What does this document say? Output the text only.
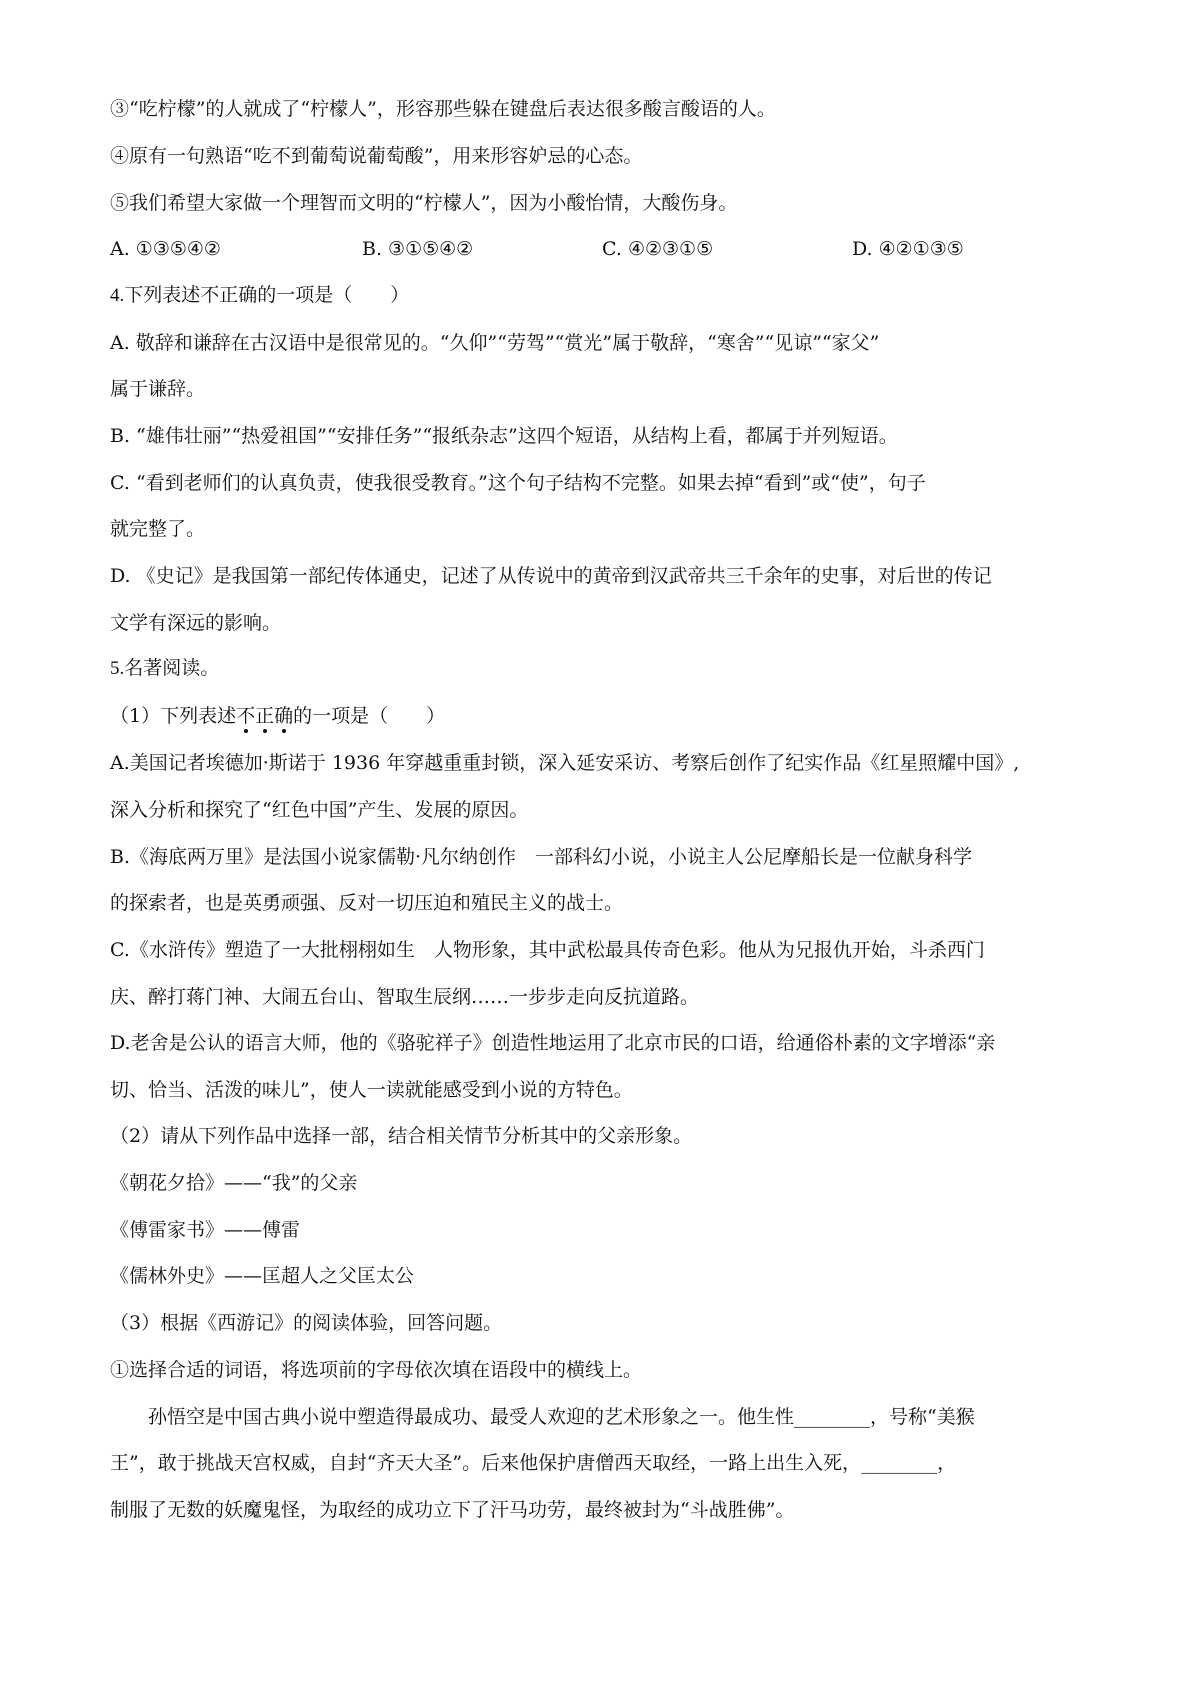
③“吃柠檬”的人就成了“柠檬人”，形容那些躲在键盘后表达很多酸言酸语的人。
④原有一句熟语“吃不到葡萄说葡萄酸”，用来形容妒忌的心态。
⑤我们希望大家做一个理智而文明的“柠檬人”，因为小酸怡情，大酸伤身。
A. ①③⑤④②	B. ③①⑤④②	C. ④②③①⑤	D. ④②①③⑤
4.下列表述不正确的一项是（　　）
A. 敬辞和谦辞在古汉语中是很常见的。“久仰”“劳驾”“赏光”属于敬辞，“寒舍”“见谅”“家父”
属于谦辞。
B. “雄伟壮丽”“热爱祖国”“安排任务”“报纸杂志”这四个短语，从结构上看，都属于并列短语。
C. “看到老师们的认真负责，使我很受教育。”这个句子结构不完整。如果去掉“看到”或“使”，句子
就完整了。
D. 《史记》是我国第一部纪传体通史，记述了从传说中的黄帝到汉武帝共三千余年的史事，对后世的传记
文学有深远的影响。
5.名著阅读。
（1）下列表述不正确
的一项是（　　）
A.美国记者埃德加·斯诺于 1936 年穿越重重封锁，深入延安采访、考察后创作了纪实作品《红星照耀中国》,
深入分析和探究了“红色中国”产生、发展的原因。
B.《海底两万里》是法国小说家儒勒·凡尔纳创作　一部科幻小说，小说主人公尼摩船长是一位献身科学
的探索者，也是英勇顽强、反对一切压迫和殖民主义的战士。
C.《水浒传》塑造了一大批栩栩如生　人物形象，其中武松最具传奇色彩。他从为兄报仇开始，斗杀西门
庆、醉打蒋门神、大闹五台山、智取生辰纲……一步步走向反抗道路。
D.老舍是公认的语言大师，他的《骆驼祥子》创造性地运用了北京市民的口语，给通俗朴素的文字增添“亲
切、恰当、活泼的味儿”，使人一读就能感受到小说的方特色。
（2）请从下列作品中选择一部，结合相关情节分析其中的父亲形象。
《朝花夕拾》——“我”的父亲
《傅雷家书》——傅雷
《儒林外史》——匡超人之父匡太公
（3）根据《西游记》的阅读体验，回答问题。
①选择合适的词语，将选项前的字母依次填在语段中的横线上。
　　孙悟空是中国古典小说中塑造得最成功、最受人欢迎的艺术形象之一。他生性________，号称“美猴
王”，敢于挑战天宫权威，自封“齐天大圣”。后来他保护唐僧西天取经，一路上出生入死，________，
制服了无数的妖魔鬼怪，为取经的成功立下了汗马功劳，最终被封为“斗战胜佛”。
